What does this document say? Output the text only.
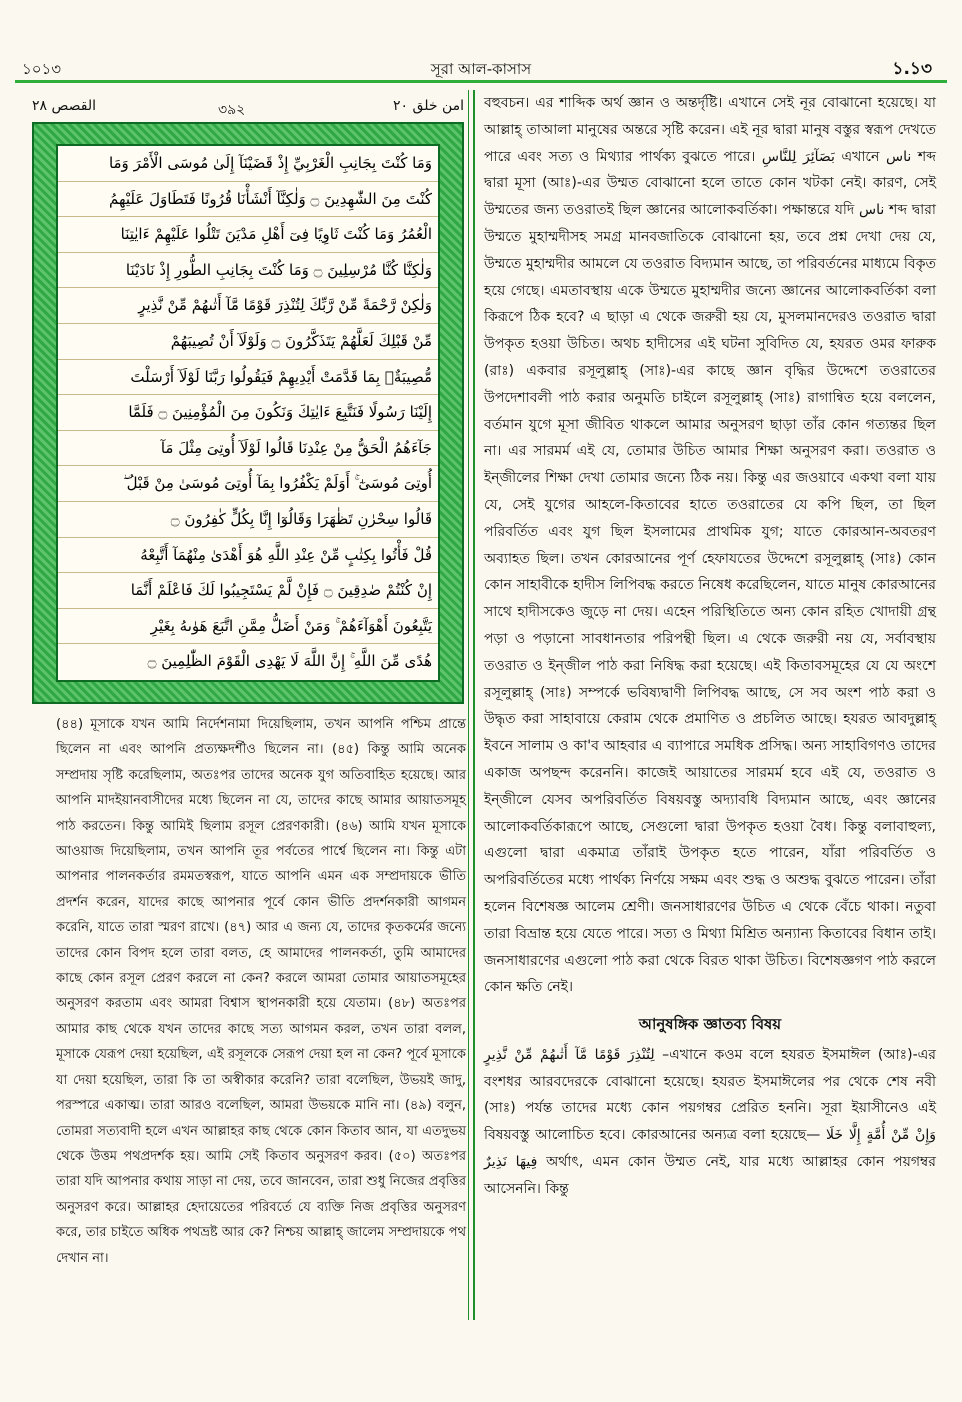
১০১৩	সূরা আল-কাসাস	১.১৩
القصص ٢٨	৩৯২	امن خلق ٢٠
وَمَا كُنْتَ بِجَانِبِ الْغَرْبِيِّ إِذْ قَضَيْنَآ إِلَىٰ مُوسَى الْأَمْرَ وَمَا
كُنْتَ مِنَ الشّٰهِدِينَ ۝ وَلٰكِنَّآ أَنْشَأْنَا قُرُونًا فَتَطَاوَلَ عَلَيْهِمُ
الْعُمُرُ وَمَا كُنْتَ ثَاوِيًا فِىٓ أَهْلِ مَدْيَنَ تَتْلُوا عَلَيْهِمْ ءَايٰتِنَا
وَلٰكِنَّا كُنَّا مُرْسِلِينَ ۝ وَمَا كُنْتَ بِجَانِبِ الطُّورِ إِذْ نَادَيْنَا
وَلٰكِنْ رَّحْمَةً مِّنْ رَّبِّكَ لِتُنْذِرَ قَوْمًا مَّآ أَتٰىهُمْ مِّنْ نَّذِيرٍ
مِّنْ قَبْلِكَ لَعَلَّهُمْ يَتَذَكَّرُونَ ۝ وَلَوْلَآ أَنْ تُصِيبَهُمْ
مُّصِيبَةٌۢ بِمَا قَدَّمَتْ أَيْدِيهِمْ فَيَقُولُوا رَبَّنَا لَوْلَآ أَرْسَلْتَ
إِلَيْنَا رَسُولًا فَنَتَّبِعَ ءَايٰتِكَ وَنَكُونَ مِنَ الْمُؤْمِنِينَ ۝ فَلَمَّا
جَآءَهُمُ الْحَقُّ مِنْ عِنْدِنَا قَالُوا لَوْلَآ أُوتِىَ مِثْلَ مَآ
أُوتِىَ مُوسَىٰٓ ۚ أَوَلَمْ يَكْفُرُوا بِمَآ أُوتِىَ مُوسَىٰ مِنْ قَبْلُ ۖ
قَالُوا سِحْرٰنِ تَظٰهَرَا وَقَالُوٓا إِنَّا بِكُلٍّ كٰفِرُونَ ۝
قُلْ فَأْتُوا بِكِتٰبٍ مِّنْ عِنْدِ اللَّهِ هُوَ أَهْدَىٰ مِنْهُمَآ أَتَّبِعْهُ
إِنْ كُنْتُمْ صٰدِقِينَ ۝ فَإِنْ لَّمْ يَسْتَجِيبُوا لَكَ فَاعْلَمْ أَنَّمَا
يَتَّبِعُونَ أَهْوَآءَهُمْ ۚ وَمَنْ أَضَلُّ مِمَّنِ اتَّبَعَ هَوٰىهُ بِغَيْرِ
هُدًى مِّنَ اللَّهِ ۚ إِنَّ اللَّهَ لَا يَهْدِى الْقَوْمَ الظّٰلِمِينَ ۝

(৪৪) মূসাকে যখন আমি নির্দেশনামা দিয়েছিলাম, তখন আপনি পশ্চিম প্রান্তে ছিলেন না এবং আপনি প্রত্যক্ষদর্শীও ছিলেন না। (৪৫) কিন্তু আমি অনেক সম্প্রদায় সৃষ্টি করেছিলাম, অতঃপর তাদের অনেক যুগ অতিবাহিত হয়েছে। আর আপনি মাদইয়ানবাসীদের মধ্যে ছিলেন না যে, তাদের কাছে আমার আয়াতসমূহ পাঠ করতেন। কিন্তু আমিই ছিলাম রসূল প্রেরণকারী। (৪৬) আমি যখন মূসাকে আওয়াজ দিয়েছিলাম, তখন আপনি তূর পর্বতের পার্শ্বে ছিলেন না। কিন্তু এটা আপনার পালনকর্তার রমমতস্বরূপ, যাতে আপনি এমন এক সম্প্রদায়কে ভীতি প্রদর্শন করেন, যাদের কাছে আপনার পূর্বে কোন ভীতি প্রদর্শনকারী আগমন করেনি, যাতে তারা স্মরণ রাখে। (৪৭) আর এ জন্য যে, তাদের কৃতকর্মের জন্যে তাদের কোন বিপদ হলে তারা বলত, হে আমাদের পালনকর্তা, তুমি আমাদের কাছে কোন রসূল প্রেরণ করলে না কেন? করলে আমরা তোমার আয়াতসমূহের অনুসরণ করতাম এবং আমরা বিশ্বাস স্থাপনকারী হয়ে যেতাম। (৪৮) অতঃপর আমার কাছ থেকে যখন তাদের কাছে সত্য আগমন করল, তখন তারা বলল, মূসাকে যেরূপ দেয়া হয়েছিল, এই রসূলকে সেরূপ দেয়া হল না কেন? পূর্বে মূসাকে যা দেয়া হয়েছিল, তারা কি তা অস্বীকার করেনি? তারা বলেছিল, উভয়ই জাদু, পরস্পরে একাত্ম। তারা আরও বলেছিল, আমরা উভয়কে মানি না। (৪৯) বলুন, তোমরা সত্যবাদী হলে এখন আল্লাহর কাছ থেকে কোন কিতাব আন, যা এতদুভয় থেকে উত্তম পথপ্রদর্শক হয়। আমি সেই কিতাব অনুসরণ করব। (৫০) অতঃপর তারা যদি আপনার কথায় সাড়া না দেয়, তবে জানবেন, তারা শুধু নিজের প্রবৃত্তির অনুসরণ করে। আল্লাহর হেদায়েতের পরিবর্তে যে ব্যক্তি নিজ প্রবৃত্তির অনুসরণ করে, তার চাইতে অধিক পথভ্রষ্ট আর কে? নিশ্চয় আল্লাহ্ জালেম সম্প্রদায়কে পথ দেখান না।

বহুবচন। এর শাব্দিক অর্থ জ্ঞান ও অন্তর্দৃষ্টি। এখানে সেই নূর বোঝানো হয়েছে। যা আল্লাহ্ তাআলা মানুষের অন্তরে সৃষ্টি করেন। এই নূর দ্বারা মানুষ বস্তুর স্বরূপ দেখতে পারে এবং সত্য ও মিথ্যার পার্থক্য বুঝতে পারে। بَصَآئِرَ لِلنَّاسِ এখানে ناس শব্দ দ্বারা মূসা (আঃ)-এর উম্মত বোঝানো হলে তাতে কোন খটকা নেই। কারণ, সেই উম্মতের জন্য তওরাতই ছিল জ্ঞানের আলোকবর্তিকা। পক্ষান্তরে যদি ناس শব্দ দ্বারা উম্মতে মুহাম্মদীসহ সমগ্র মানবজাতিকে বোঝানো হয়, তবে প্রশ্ন দেখা দেয় যে, উম্মতে মুহাম্মদীর আমলে যে তওরাত বিদ্যমান আছে, তা পরিবর্তনের মাধ্যমে বিকৃত হয়ে গেছে। এমতাবস্থায় একে উম্মতে মুহাম্মদীর জন্যে জ্ঞানের আলোকবর্তিকা বলা কিরূপে ঠিক হবে? এ ছাড়া এ থেকে জরুরী হয় যে, মুসলমানদেরও তওরাত দ্বারা উপকৃত হওয়া উচিত। অথচ হাদীসের এই ঘটনা সুবিদিত যে, হযরত ওমর ফারুক (রাঃ) একবার রসূলুল্লাহ্ (সাঃ)-এর কাছে জ্ঞান বৃদ্ধির উদ্দেশে তওরাতের উপদেশাবলী পাঠ করার অনুমতি চাইলে রসূলুল্লাহ্ (সাঃ) রাগান্বিত হয়ে বললেন, বর্তমান যুগে মূসা জীবিত থাকলে আমার অনুসরণ ছাড়া তাঁর কোন গত্যন্তর ছিল না। এর সারমর্ম এই যে, তোমার উচিত আমার শিক্ষা অনুসরণ করা। তওরাত ও ইন্জীলের শিক্ষা দেখা তোমার জন্যে ঠিক নয়। কিন্তু এর জওয়াবে একথা বলা যায় যে, সেই যুগের আহলে-কিতাবের হাতে তওরাতের যে কপি ছিল, তা ছিল পরিবর্তিত এবং যুগ ছিল ইসলামের প্রাথমিক যুগ; যাতে কোরআন-অবতরণ অব্যাহত ছিল। তখন কোরআনের পূর্ণ হেফাযতের উদ্দেশে রসূলুল্লাহ্ (সাঃ) কোন কোন সাহাবীকে হাদীস লিপিবদ্ধ করতে নিষেধ করেছিলেন, যাতে মানুষ কোরআনের সাথে হাদীসকেও জুড়ে না দেয়। এহেন পরিস্থিতিতে অন্য কোন রহিত খোদায়ী গ্রন্থ পড়া ও পড়ানো সাবধানতার পরিপন্থী ছিল। এ থেকে জরুরী নয় যে, সর্বাবস্থায় তওরাত ও ইন্জীল পাঠ করা নিষিদ্ধ করা হয়েছে। এই কিতাবসমূহের যে যে অংশে রসূলুল্লাহ্ (সাঃ) সম্পর্কে ভবিষ্যদ্বাণী লিপিবদ্ধ আছে, সে সব অংশ পাঠ করা ও উদ্ধৃত করা সাহাবায়ে কেরাম থেকে প্রমাণিত ও প্রচলিত আছে। হযরত আবদুল্লাহ্ ইবনে সালাম ও কা'ব আহবার এ ব্যাপারে সমধিক প্রসিদ্ধ। অন্য সাহাবিগণও তাদের একাজ অপছন্দ করেননি। কাজেই আয়াতের সারমর্ম হবে এই যে, তওরাত ও ইন্জীলে যেসব অপরিবর্তিত বিষয়বস্তু অদ্যাবধি বিদ্যমান আছে, এবং জ্ঞানের আলোকবর্তিকারূপে আছে, সেগুলো দ্বারা উপকৃত হওয়া বৈধ। কিন্তু বলাবাহুল্য, এগুলো দ্বারা একমাত্র তাঁরাই উপকৃত হতে পারেন, যাঁরা পরিবর্তিত ও অপরিবর্তিতের মধ্যে পার্থক্য নির্ণয়ে সক্ষম এবং শুদ্ধ ও অশুদ্ধ বুঝতে পারেন। তাঁরা হলেন বিশেষজ্ঞ আলেম শ্রেণী। জনসাধারণের উচিত এ থেকে বেঁচে থাকা। নতুবা তারা বিভ্রান্ত হয়ে যেতে পারে। সত্য ও মিথ্যা মিশ্রিত অন্যান্য কিতাবের বিধান তাই। জনসাধারণের এগুলো পাঠ করা থেকে বিরত থাকা উচিত। বিশেষজ্ঞগণ পাঠ করলে কোন ক্ষতি নেই।

আনুষঙ্গিক জ্ঞাতব্য বিষয়

لِتُنْذِرَ قَوْمًا مَّآ أَتٰىهُمْ مِّنْ نَّذِيرٍ –এখানে কওম বলে হযরত ইসমাঈল (আঃ)-এর বংশধর আরবদেরকে বোঝানো হয়েছে। হযরত ইসমাঈলের পর থেকে শেষ নবী (সাঃ) পর্যন্ত তাদের মধ্যে কোন পয়গম্বর প্রেরিত হননি। সূরা ইয়াসীনেও এই বিষয়বস্তু আলোচিত হবে। কোরআনের অন্যত্র বলা হয়েছে— وَإِنْ مِّنْ أُمَّةٍ إِلَّا خَلَا فِيهَا نَذِيرٌ অর্থাৎ, এমন কোন উম্মত নেই, যার মধ্যে আল্লাহর কোন পয়গম্বর আসেননি। কিন্তু
